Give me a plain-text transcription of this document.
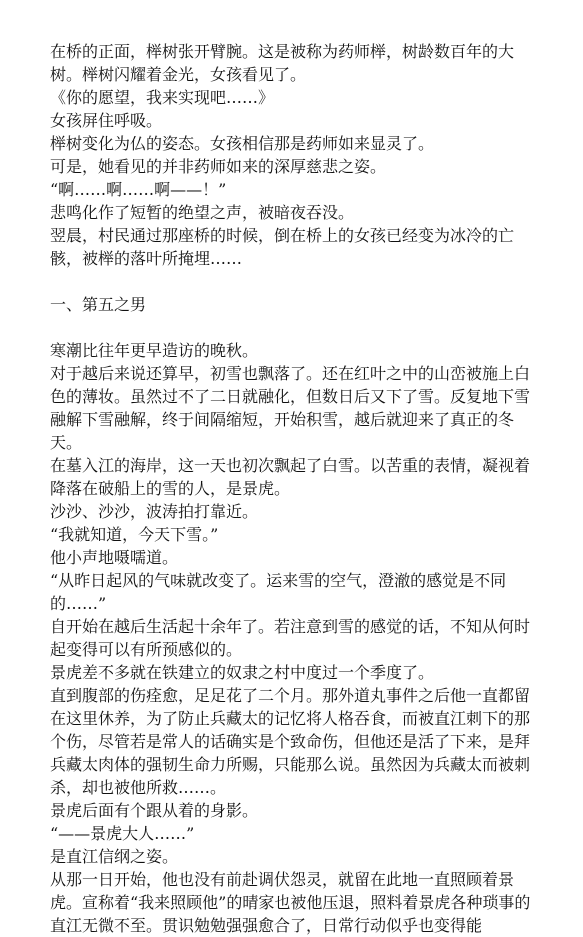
在桥的正面，榉树张开臂腕。这是被称为药师榉，树龄数百年的大树。榉树闪耀着金光，女孩看见了。
《你的愿望，我来实现吧……》
女孩屏住呼吸。
榉树变化为仏的姿态。女孩相信那是药师如来显灵了。
可是，她看见的并非药师如来的深厚慈悲之姿。
“啊……啊……啊——！”
悲鸣化作了短暂的绝望之声，被暗夜吞没。
翌晨，村民通过那座桥的时候，倒在桥上的女孩已经变为冰冷的亡骸，被榉的落叶所掩埋……
一、第五之男
寒潮比往年更早造访的晚秋。
对于越后来说还算早，初雪也飘落了。还在红叶之中的山峦被施上白色的薄妆。虽然过不了二日就融化，但数日后又下了雪。反复地下雪融解下雪融解，终于间隔缩短，开始积雪，越后就迎来了真正的冬天。
在墓入江的海岸，这一天也初次飘起了白雪。以苦重的表情，凝视着降落在破船上的雪的人，是景虎。
沙沙、沙沙，波涛拍打靠近。
“我就知道，今天下雪。”
他小声地嗫嚅道。
“从昨日起风的气味就改变了。运来雪的空气，澄澈的感觉是不同的……”
自开始在越后生活起十余年了。若注意到雪的感觉的话，不知从何时起变得可以有所预感似的。
景虎差不多就在铁建立的奴隶之村中度过一个季度了。
直到腹部的伤痊愈，足足花了二个月。那外道丸事件之后他一直都留在这里休养，为了防止兵藏太的记忆将人格吞食，而被直江刺下的那个伤，尽管若是常人的话确实是个致命伤，但他还是活了下来，是拜兵藏太肉体的强韧生命力所赐，只能那么说。虽然因为兵藏太而被刺杀，却也被他所救……。
景虎后面有个跟从着的身影。
“——景虎大人……”
是直江信纲之姿。
从那一日开始，他也没有前赴调伏怨灵，就留在此地一直照顾着景虎。宣称着“我来照顾他”的晴家也被他压退，照料着景虎各种琐事的直江无微不至。贯识勉勉强强愈合了，日常行动似乎也变得能
